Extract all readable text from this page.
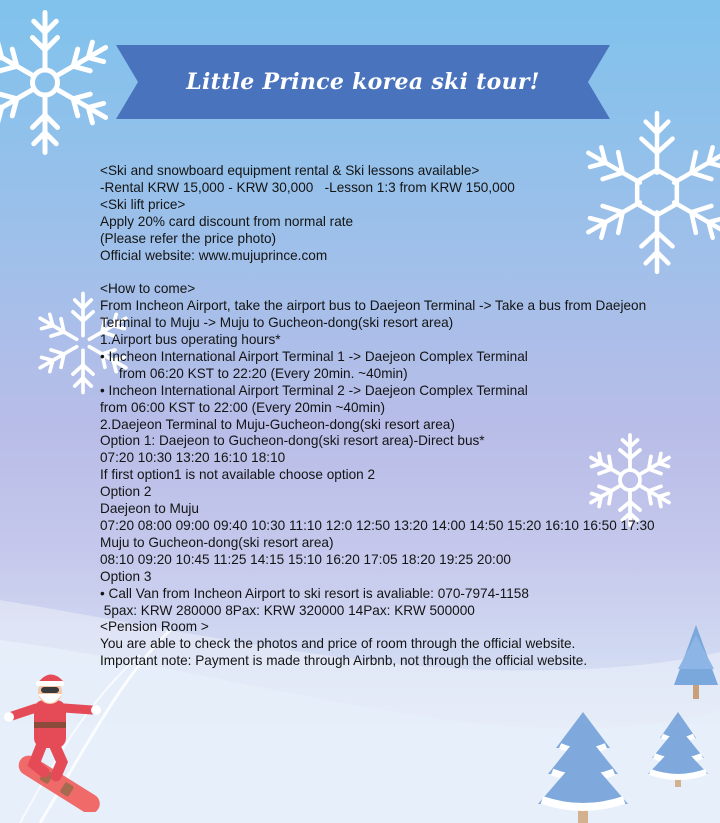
Little Prince korea ski tour!
<Ski and snowboard equipment rental & Ski lessons available>
-Rental KRW 15,000 - KRW 30,000   -Lesson 1:3 from KRW 150,000
<Ski lift price>
Apply 20% card discount from normal rate
(Please refer the price photo)
Official website: www.mujuprince.com
<How to come>
From Incheon Airport, take the airport bus to Daejeon Terminal -> Take a bus from Daejeon Terminal to Muju -> Muju to Gucheon-dong(ski resort area)
1.Airport bus operating hours*
• Incheon International Airport Terminal 1 -> Daejeon Complex Terminal
from 06:20 KST to 22:20 (Every 20min. ~40min)
• Incheon International Airport Terminal 2 -> Daejeon Complex Terminal
from 06:00 KST to 22:00 (Every 20min ~40min)
2.Daejeon Terminal to Muju-Gucheon-dong(ski resort area)
Option 1: Daejeon to Gucheon-dong(ski resort area)-Direct bus*
07:20 10:30 13:20 16:10 18:10
If first option1 is not available choose option 2
Option 2
Daejeon to Muju
07:20 08:00 09:00 09:40 10:30 11:10 12:0 12:50 13:20 14:00 14:50 15:20 16:10 16:50 17:30
Muju to Gucheon-dong(ski resort area)
08:10 09:20 10:45 11:25 14:15 15:10 16:20 17:05 18:20 19:25 20:00
Option 3
• Call Van from Incheon Airport to ski resort is avaliable: 070-7974-1158
5pax: KRW 280000 8Pax: KRW 320000 14Pax: KRW 500000
<Pension Room >
You are able to check the photos and price of room through the official website.
Important note: Payment is made through Airbnb, not through the official website.
